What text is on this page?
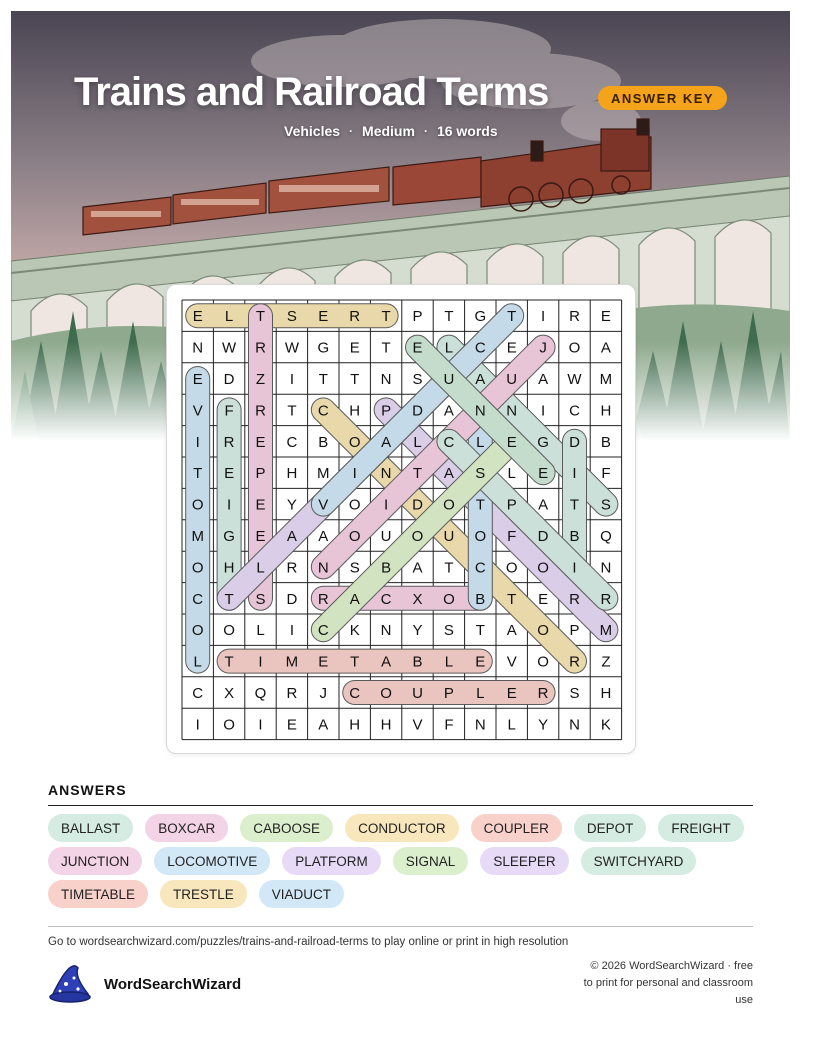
Trains and Railroad Terms	ANSWER KEY
Vehicles · Medium · 16 words
E L T S E R T P T G T I R E
N W R W G E T E L C E J O A
E D Z I T T N S U A U A W M
V F R T C H P D A N N I C H
I R E C B O A L C L E G D B
T E P H M I N T A S L E I F
O I E Y V O I D O T P A T S
M G E A A O U O U O F D B Q
O H L R N S B A T C O O I N
C T S D R A C X O B T E R R
O O L I C K N Y S T A O P M
L T I M E T A B L E V O R Z
C X Q R J C O U P L E R S H
I O I E A H H V F N L Y N K
ANSWERS
BALLAST	BOXCAR	CABOOSE	CONDUCTOR	COUPLER	DEPOT	FREIGHT
JUNCTION	LOCOMOTIVE	PLATFORM	SIGNAL	SLEEPER	SWITCHYARD
TIMETABLE	TRESTLE	VIADUCT
Go to wordsearchwizard.com/puzzles/trains-and-railroad-terms to play online or print in high resolution
WordSearchWizard
© 2026 WordSearchWizard · free to print for personal and classroom use
